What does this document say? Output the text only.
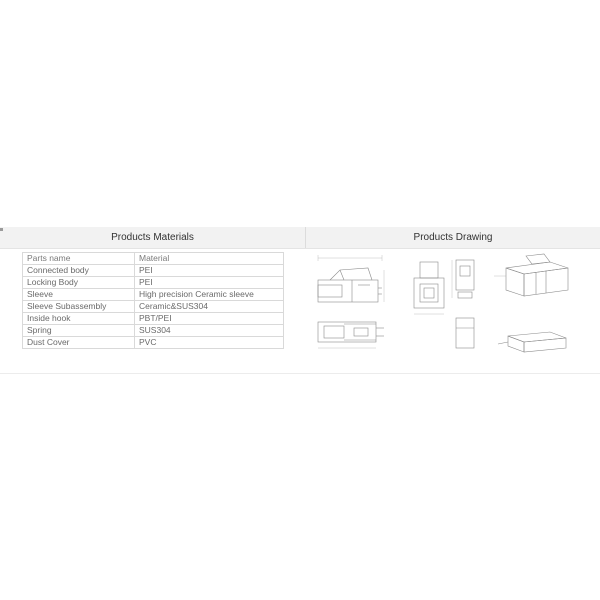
Products Materials	Products Drawing
Parts name	Material
Connected body	PEI
Locking Body	PEI
Sleeve	High precision Ceramic sleeve
Sleeve Subassembly	Ceramic&SUS304
Inside hook	PBT/PEI
Spring	SUS304
Dust Cover	PVC
